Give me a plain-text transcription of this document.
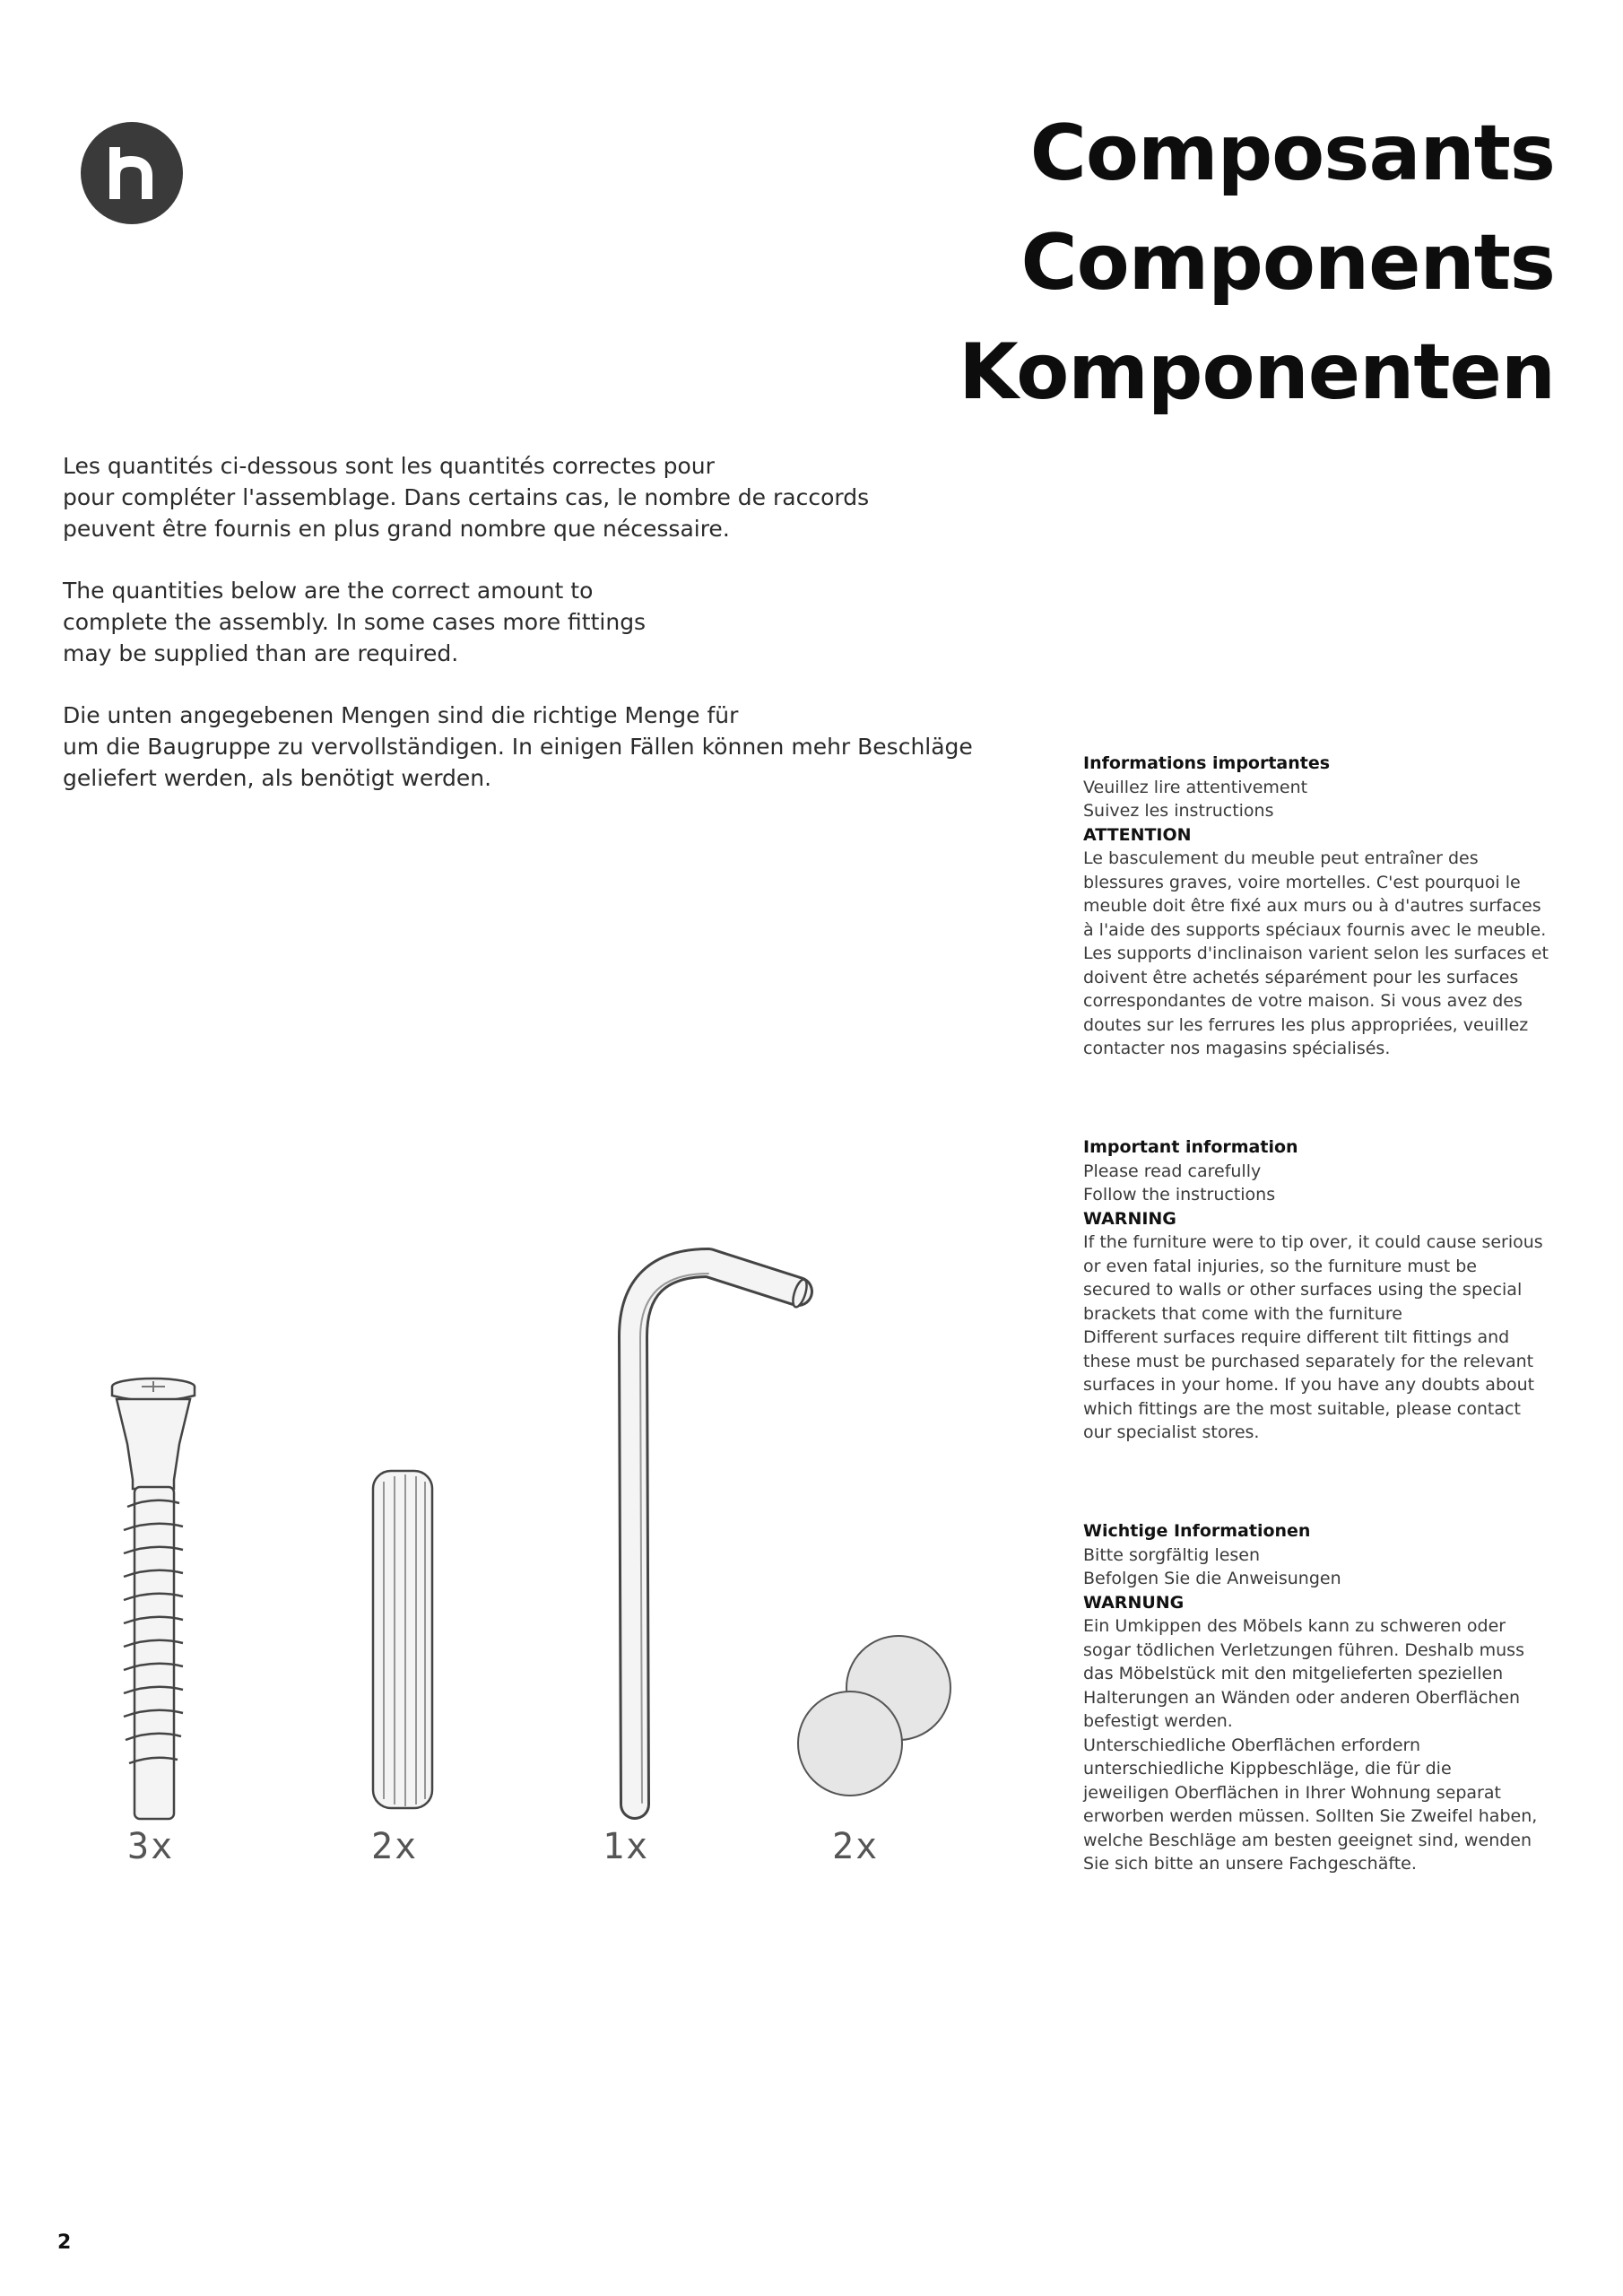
Composants
Components
Komponenten

Les quantités ci-dessous sont les quantités correctes pour
pour compléter l'assemblage. Dans certains cas, le nombre de raccords
peuvent être fournis en plus grand nombre que nécessaire.

The quantities below are the correct amount to
complete the assembly. In some cases more fittings
may be supplied than are required.

Die unten angegebenen Mengen sind die richtige Menge für
um die Baugruppe zu vervollständigen. In einigen Fällen können mehr Beschläge
geliefert werden, als benötigt werden.

Informations importantes
Veuillez lire attentivement
Suivez les instructions
ATTENTION
Le basculement du meuble peut entraîner des
blessures graves, voire mortelles. C'est pourquoi le
meuble doit être fixé aux murs ou à d'autres surfaces
à l'aide des supports spéciaux fournis avec le meuble.
Les supports d'inclinaison varient selon les surfaces et
doivent être achetés séparément pour les surfaces
correspondantes de votre maison. Si vous avez des
doutes sur les ferrures les plus appropriées, veuillez
contacter nos magasins spécialisés.
Important information
Please read carefully
Follow the instructions
WARNING
If the furniture were to tip over, it could cause serious
or even fatal injuries, so the furniture must be
secured to walls or other surfaces using the special
brackets that come with the furniture
Different surfaces require different tilt fittings and
these must be purchased separately for the relevant
surfaces in your home. If you have any doubts about
which fittings are the most suitable, please contact
our specialist stores.
Wichtige Informationen
Bitte sorgfältig lesen
Befolgen Sie die Anweisungen
WARNUNG
Ein Umkippen des Möbels kann zu schweren oder
sogar tödlichen Verletzungen führen. Deshalb muss
das Möbelstück mit den mitgelieferten speziellen
Halterungen an Wänden oder anderen Oberflächen
befestigt werden.
Unterschiedliche Oberflächen erfordern
unterschiedliche Kippbeschläge, die für die
jeweiligen Oberflächen in Ihrer Wohnung separat
erworben werden müssen. Sollten Sie Zweifel haben,
welche Beschläge am besten geeignet sind, wenden
Sie sich bitte an unsere Fachgeschäfte.
3x	2x	1x	2x
2
